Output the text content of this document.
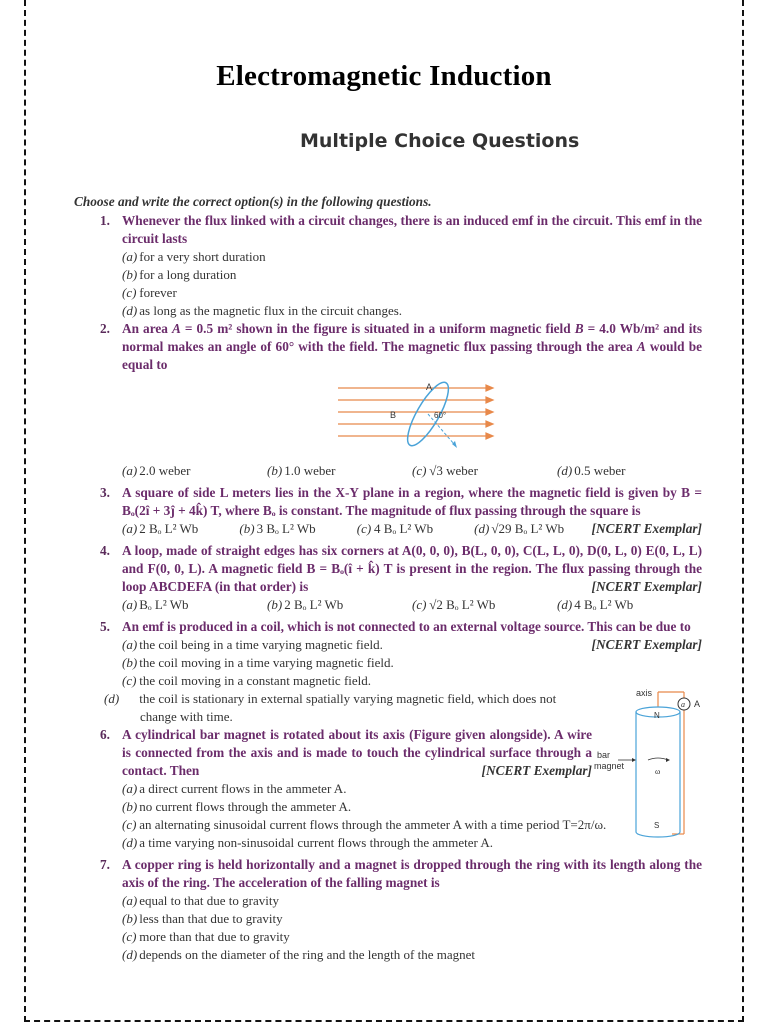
Electromagnetic Induction
Multiple Choice Questions
Choose and write the correct option(s) in the following questions.
1. Whenever the flux linked with a circuit changes, there is an induced emf in the circuit. This emf in the circuit lasts
(a) for a very short duration
(b) for a long duration
(c) forever
(d) as long as the magnetic flux in the circuit changes.
2. An area A = 0.5 m² shown in the figure is situated in a uniform magnetic field B = 4.0 Wb/m² and its normal makes an angle of 60° with the field. The magnetic flux passing through the area A would be equal to
A
B	60°
(a) 2.0 weber	(b) 1.0 weber	(c) √3 weber	(d) 0.5 weber
3. A square of side L meters lies in the X-Y plane in a region, where the magnetic field is given by B = Bₒ(2î + 3ĵ + 4k̂) T, where Bₒ is constant. The magnitude of flux passing through the square is
[NCERT Exemplar]
(a) 2 Bₒ L² Wb	(b) 3 Bₒ L² Wb	(c) 4 Bₒ L² Wb	(d) √29 Bₒ L² Wb
4. A loop, made of straight edges has six corners at A(0, 0, 0), B(L, 0, 0), C(L, L, 0), D(0, L, 0) E(0, L, L) and F(0, 0, L). A magnetic field B = Bₒ(î + k̂) T is present in the region. The flux passing through the loop ABCDEFA (in that order) is	[NCERT Exemplar]
(a) Bₒ L² Wb	(b) 2 Bₒ L² Wb	(c) √2 Bₒ L² Wb	(d) 4 Bₒ L² Wb
5. An emf is produced in a coil, which is not connected to an external voltage source. This can be due to
[NCERT Exemplar]
(a) the coil being in a time varying magnetic field.
(b) the coil moving in a time varying magnetic field.
(c) the coil moving in a constant magnetic field.
(d) the coil is stationary in external spatially varying magnetic field, which does not change with time.
6. A cylindrical bar magnet is rotated about its axis (Figure given alongside). A wire is connected from the axis and is made to touch the cylindrical surface through a contact. Then	[NCERT Exemplar]
(a) a direct current flows in the ammeter A.
(b) no current flows through the ammeter A.
(c) an alternating sinusoidal current flows through the ammeter A with a time period T=2π/ω.
(d) a time varying non-sinusoidal current flows through the ammeter A.
7. A copper ring is held horizontally and a magnet is dropped through the ring with its length along the axis of the ring. The acceleration of the falling magnet is
(a) equal to that due to gravity
(b) less than that due to gravity
(c) more than that due to gravity
(d) depends on the diameter of the ring and the length of the magnet
axis
a A
N
S
bar
magnet
ω
